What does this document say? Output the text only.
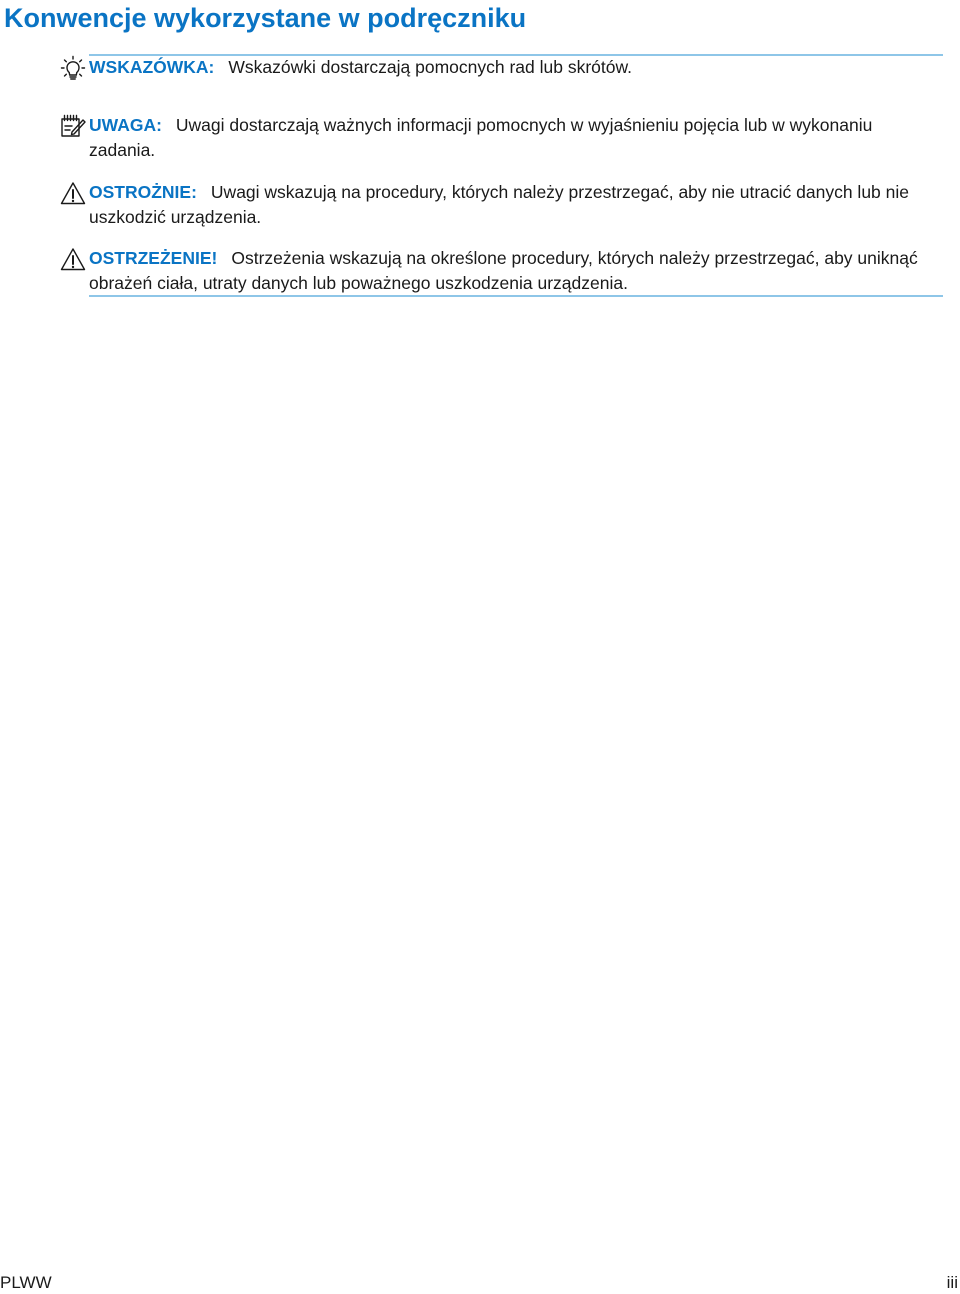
Konwencje wykorzystane w podręczniku
WSKAZÓWKA: Wskazówki dostarczają pomocnych rad lub skrótów.
UWAGA: Uwagi dostarczają ważnych informacji pomocnych w wyjaśnieniu pojęcia lub w wykonaniu zadania.
OSTROŻNIE: Uwagi wskazują na procedury, których należy przestrzegać, aby nie utracić danych lub nie uszkodzić urządzenia.
OSTRZEŻENIE! Ostrzeżenia wskazują na określone procedury, których należy przestrzegać, aby uniknąć obrażeń ciała, utraty danych lub poważnego uszkodzenia urządzenia.
PLWW	iii
